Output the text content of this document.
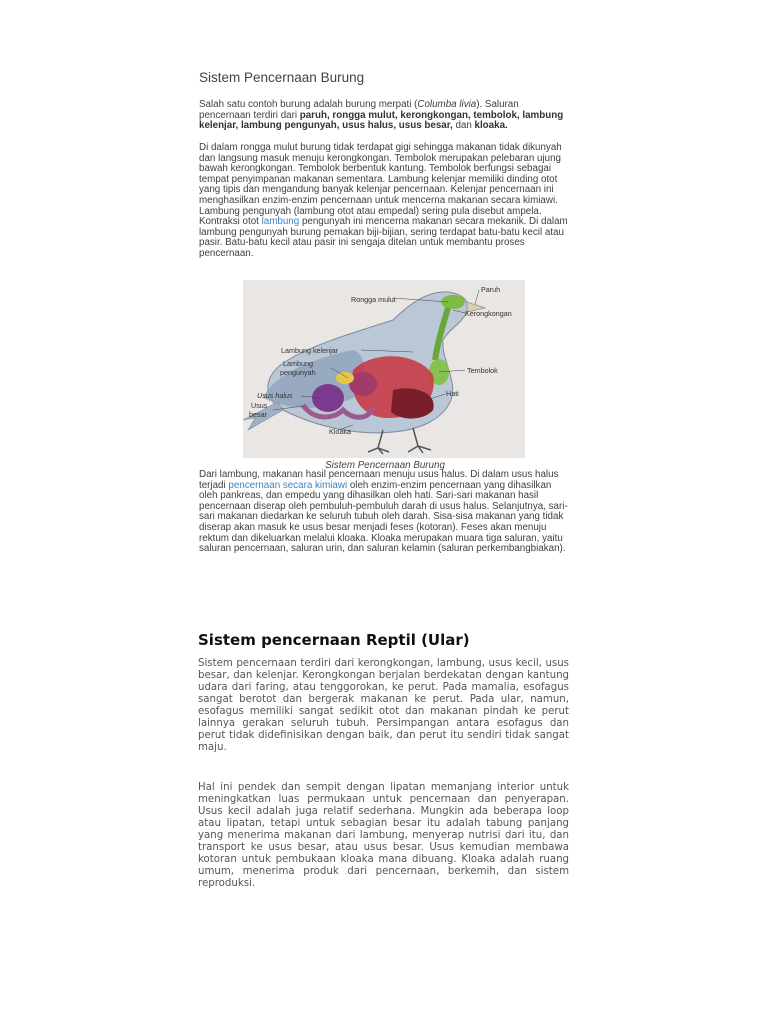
Sistem Pencernaan Burung

Salah satu contoh burung adalah burung merpati (Columba livia). Saluran pencernaan terdiri dari paruh, rongga mulut, kerongkongan, tembolok, lambung kelenjar, lambung pengunyah, usus halus, usus besar, dan kloaka.

Di dalam rongga mulut burung tidak terdapat gigi sehingga makanan tidak dikunyah dan langsung masuk menuju kerongkongan. Tembolok merupakan pelebaran ujung bawah kerongkongan. Tembolok berbentuk kantung. Tembolok berfungsi sebagai tempat penyimpanan makanan sementara. Lambung kelenjar memiliki dinding otot yang tipis dan mengandung banyak kelenjar pencernaan. Kelenjar pencernaan ini menghasilkan enzim-enzim pencernaan untuk mencerna makanan secara kimiawi. Lambung pengunyah (lambung otot atau empedal) sering pula disebut ampela. Kontraksi otot lambung pengunyah ini mencerna makanan secara mekanik. Di dalam lambung pengunyah burung pemakan biji-bijian, sering terdapat batu-batu kecil atau pasir. Batu-batu kecil atau pasir ini sengaja ditelan untuk membantu proses pencernaan.

Paruh
Rongga mulut
Kerongkongan
Lambung kelenjar
Lambung
pengunyah	Tembolok
Usus halus
Usus
besar
Hati
Kloaka

Sistem Pencernaan Burung

Dari lambung, makanan hasil pencernaan menuju usus halus. Di dalam usus halus terjadi pencernaan secara kimiawi oleh enzim-enzim pencernaan yang dihasilkan oleh pankreas, dan empedu yang dihasilkan oleh hati. Sari-sari makanan hasil pencernaan diserap oleh pembuluh-pembuluh darah di usus halus. Selanjutnya, sari-sari makanan diedarkan ke seluruh tubuh oleh darah. Sisa-sisa makanan yang tidak diserap akan masuk ke usus besar menjadi feses (kotoran). Feses akan menuju rektum dan dikeluarkan melalui kloaka. Kloaka merupakan muara tiga saluran, yaitu saluran pencernaan, saluran urin, dan saluran kelamin (saluran perkembangbiakan).

Sistem pencernaan Reptil (Ular)

Sistem pencernaan terdiri dari kerongkongan, lambung, usus kecil, usus besar, dan kelenjar. Kerongkongan berjalan berdekatan dengan kantung udara dari faring, atau tenggorokan, ke perut. Pada mamalia, esofagus sangat berotot dan bergerak makanan ke perut. Pada ular, namun, esofagus memiliki sangat sedikit otot dan makanan pindah ke perut lainnya gerakan seluruh tubuh. Persimpangan antara esofagus dan perut tidak didefinisikan dengan baik, dan perut itu sendiri tidak sangat maju.

Hal ini pendek dan sempit dengan lipatan memanjang interior untuk meningkatkan luas permukaan untuk pencernaan dan penyerapan. Usus kecil adalah juga relatif sederhana. Mungkin ada beberapa loop atau lipatan, tetapi untuk sebagian besar itu adalah tabung panjang yang menerima makanan dari lambung, menyerap nutrisi dari itu, dan transport ke usus besar, atau usus besar. Usus kemudian membawa kotoran untuk pembukaan kloaka mana dibuang. Kloaka adalah ruang umum, menerima produk dari pencernaan, berkemih, dan sistem reproduksi.
